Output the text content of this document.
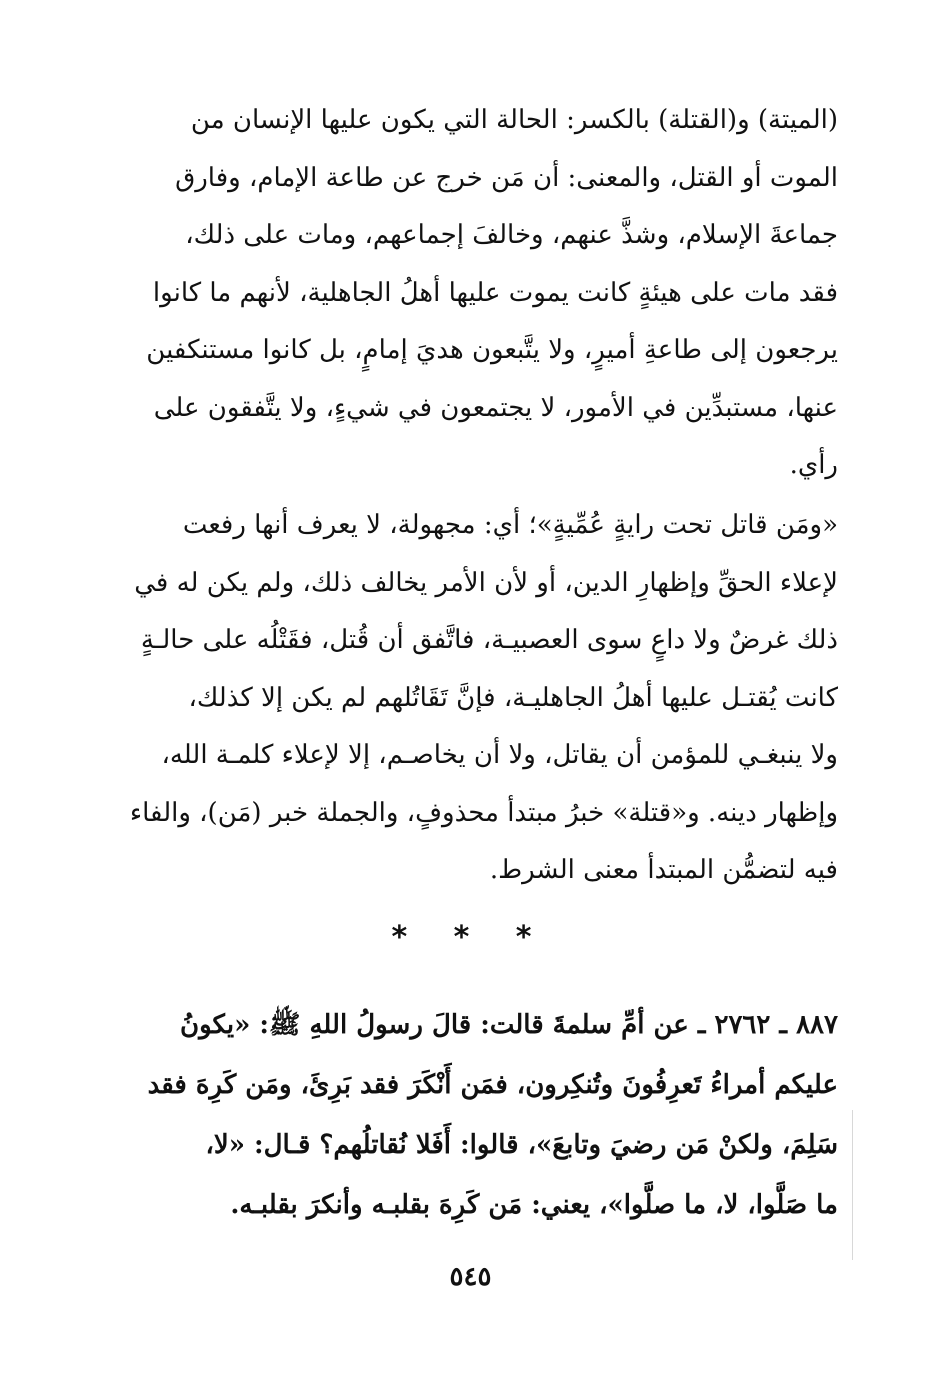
(الميتة) و(القتلة) بالكسر: الحالة التي يكون عليها الإنسان من
الموت أو القتل، والمعنى: أن مَن خرج عن طاعة الإمام، وفارق
جماعةَ الإسلام، وشذَّ عنهم، وخالفَ إجماعهم، ومات على ذلك،
فقد مات على هيئةٍ كانت يموت عليها أهلُ الجاهلية، لأنهم ما كانوا
يرجعون إلى طاعةِ أميرٍ، ولا يتَّبعون هديَ إمامٍ، بل كانوا مستنكفين
عنها، مستبدِّين في الأمور، لا يجتمعون في شيءٍ، ولا يتَّفقون على
رأي.
«ومَن قاتل تحت رايةٍ عُمِّيةٍ»؛ أي: مجهولة، لا يعرف أنها رفعت
لإعلاء الحقِّ وإظهارِ الدين، أو لأن الأمر يخالف ذلك، ولم يكن له في
ذلك غرضٌ ولا داعٍ سوى العصبيـة، فاتَّفق أن قُتل، فقَتْلُه على حالـةٍ
كانت يُقتـل عليها أهلُ الجاهليـة، فإنَّ تَقَاتُلهم لم يكن إلا كذلك،
ولا ينبغـي للمؤمن أن يقاتل، ولا أن يخاصـم، إلا لإعلاء كلمـة الله،
وإظهار دينه. و«قتلة» خبرُ مبتدأ محذوفٍ، والجملة خبر (مَن)، والفاء
فيه لتضمُّن المبتدأ معنى الشرط.
* * *
٨٨٧ ـ ٢٧٦٢ ـ عن أمِّ سلمةَ قالت: قالَ رسولُ اللهِ ﷺ: «يكونُ
عليكم أمراءُ تَعرِفُونَ وتُنكِرون، فمَن أَنْكَرَ فقد بَرِئَ، ومَن كَرِهَ فقد
سَلِمَ، ولكنْ مَن رضيَ وتابعَ»، قالوا: أَفَلا نُقاتلُهم؟ قـال: «لا،
ما صَلَّوا، لا، ما صلَّوا»، يعني: مَن كَرِهَ بقلبـه وأنكرَ بقلبـه.
٥٤٥
